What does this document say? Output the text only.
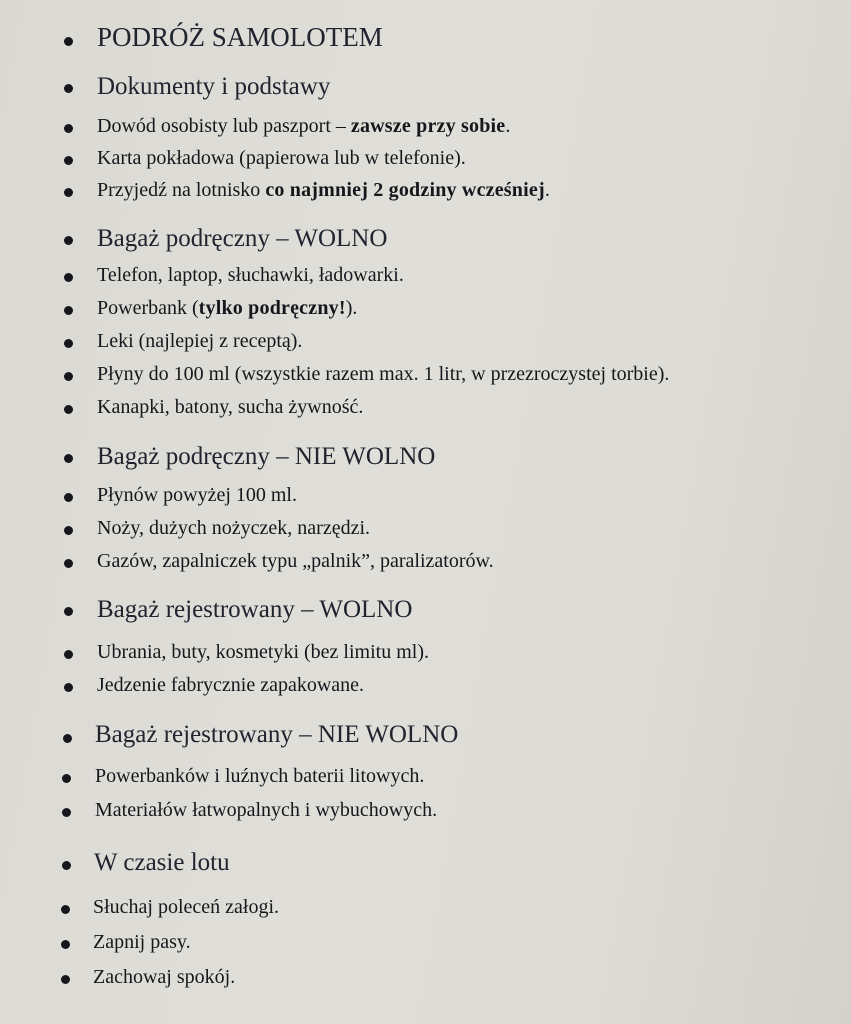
PODRÓŻ SAMOLOTEM
Dokumenty i podstawy
Dowód osobisty lub paszport – zawsze przy sobie.
Karta pokładowa (papierowa lub w telefonie).
Przyjedź na lotnisko co najmniej 2 godziny wcześniej.
Bagaż podręczny – WOLNO
Telefon, laptop, słuchawki, ładowarki.
Powerbank (tylko podręczny!).
Leki (najlepiej z receptą).
Płyny do 100 ml (wszystkie razem max. 1 litr, w przezroczystej torbie).
Kanapki, batony, sucha żywność.
Bagaż podręczny – NIE WOLNO
Płynów powyżej 100 ml.
Noży, dużych nożyczek, narzędzi.
Gazów, zapalniczek typu „palnik”, paralizatorów.
Bagaż rejestrowany – WOLNO
Ubrania, buty, kosmetyki (bez limitu ml).
Jedzenie fabrycznie zapakowane.
Bagaż rejestrowany – NIE WOLNO
Powerbanków i luźnych baterii litowych.
Materiałów łatwopalnych i wybuchowych.
W czasie lotu
Słuchaj poleceń załogi.
Zapnij pasy.
Zachowaj spokój.
